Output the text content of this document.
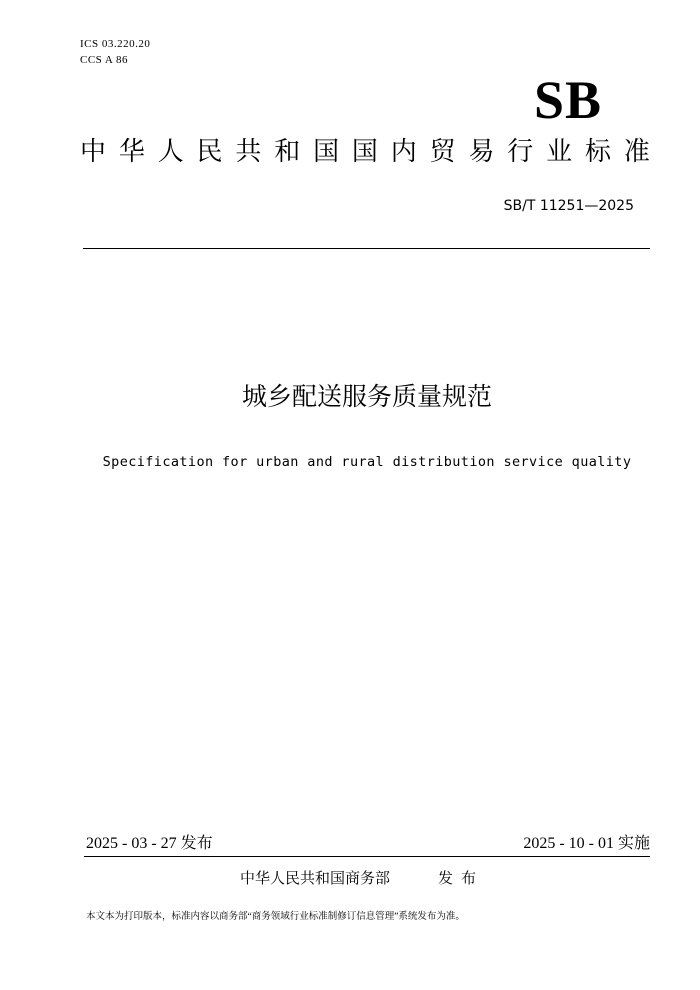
ICS 03.220.20
CCS A 86
SB
中 华 人 民 共 和 国 国 内 贸 易 行 业 标 准
SB/T 11251—2025
城乡配送服务质量规范
Specification for urban and rural distribution service quality
2025 - 03 - 27 发布	2025 - 10 - 01 实施
中华人民共和国商务部	发布
本文本为打印版本，标准内容以商务部“商务领域行业标准制修订信息管理”系统发布为准。
